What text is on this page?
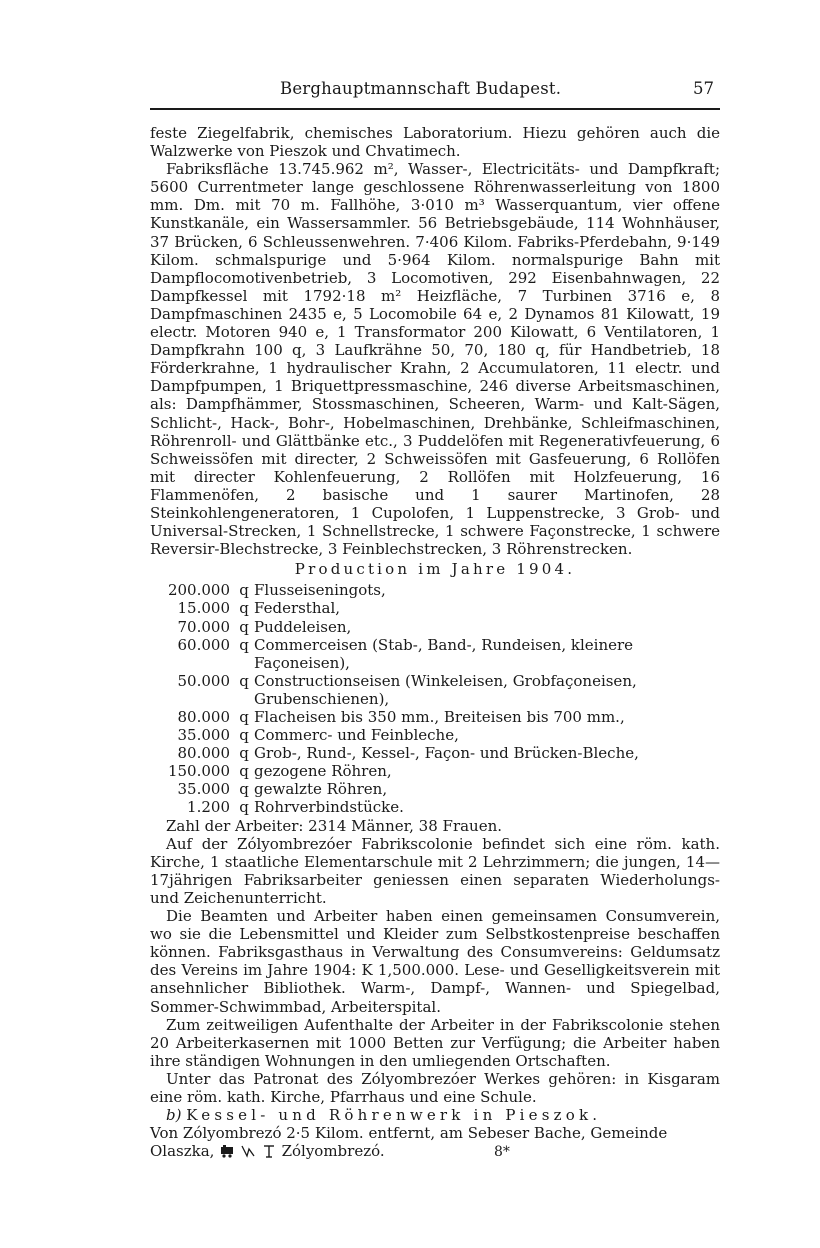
Berghauptmannschaft Budapest.	57

feste Ziegelfabrik, chemisches Laboratorium. Hiezu gehören auch die Walzwerke von Pieszok und Chvatimech.

Fabriksfläche 13.745.962 m², Wasser-, Electricitäts- und Dampfkraft; 5600 Currentmeter lange geschlossene Röhrenwasserleitung von 1800 mm. Dm. mit 70 m. Fallhöhe, 3·010 m³ Wasserquantum, vier offene Kunstkanäle, ein Wassersammler. 56 Betriebsgebäude, 114 Wohnhäuser, 37 Brücken, 6 Schleussenwehren. 7·406 Kilom. Fabriks-Pferdebahn, 9·149 Kilom. schmalspurige und 5·964 Kilom. normalspurige Bahn mit Dampflocomotivenbetrieb, 3 Locomotiven, 292 Eisenbahnwagen, 22 Dampfkessel mit 1792·18 m² Heizfläche, 7 Turbinen 3716 e, 8 Dampfmaschinen 2435 e, 5 Locomobile 64 e, 2 Dynamos 81 Kilowatt, 19 electr. Motoren 940 e, 1 Transformator 200 Kilowatt, 6 Ventilatoren, 1 Dampfkrahn 100 q, 3 Laufkrähne 50, 70, 180 q, für Handbetrieb, 18 Förderkrahne, 1 hydraulischer Krahn, 2 Accumulatoren, 11 electr. und Dampfpumpen, 1 Briquettpressmaschine, 246 diverse Arbeitsmaschinen, als: Dampfhämmer, Stossmaschinen, Scheeren, Warm- und Kalt-Sägen, Schlicht-, Hack-, Bohr-, Hobelmaschinen, Drehbänke, Schleifmaschinen, Röhrenroll- und Glättbänke etc., 3 Puddelöfen mit Regenerativfeuerung, 6 Schweissöfen mit directer, 2 Schweissöfen mit Gasfeuerung, 6 Rollöfen mit directer Kohlenfeuerung, 2 Rollöfen mit Holzfeuerung, 16 Flammenöfen, 2 basische und 1 saurer Martinofen, 28 Steinkohlengeneratoren, 1 Cupolofen, 1 Luppenstrecke, 3 Grob- und Universal-Strecken, 1 Schnellstrecke, 1 schwere Façonstrecke, 1 schwere Reversir-Blechstrecke, 3 Feinblechstrecken, 3 Röhrenstrecken.

Production im Jahre 1904.
200.000 q Flusseiseningots,
15.000 q Federsthal,
70.000 q Puddeleisen,
60.000 q Commerceisen (Stab-, Band-, Rundeisen, kleinere Façoneisen),
50.000 q Constructionseisen (Winkeleisen, Grobfaçoneisen, Grubenschienen),
80.000 q Flacheisen bis 350 mm., Breiteisen bis 700 mm.,
35.000 q Commerc- und Feinbleche,
80.000 q Grob-, Rund-, Kessel-, Façon- und Brücken-Bleche,
150.000 q gezogene Röhren,
35.000 q gewalzte Röhren,
1.200 q Rohrverbindstücke.

Zahl der Arbeiter: 2314 Männer, 38 Frauen.

Auf der Zólyombrezóer Fabrikscolonie befindet sich eine röm. kath. Kirche, 1 staatliche Elementarschule mit 2 Lehrzimmern; die jungen, 14—17jährigen Fabriksarbeiter geniessen einen separaten Wiederholungs- und Zeichenunterricht.

Die Beamten und Arbeiter haben einen gemeinsamen Consumverein, wo sie die Lebensmittel und Kleider zum Selbstkostenpreise beschaffen können. Fabriksgasthaus in Verwaltung des Consumvereins: Geldumsatz des Vereins im Jahre 1904: K 1,500.000. Lese- und Geselligkeitsverein mit ansehnlicher Bibliothek. Warm-, Dampf-, Wannen- und Spiegelbad, Sommer-Schwimmbad, Arbeiterspital.

Zum zeitweiligen Aufenthalte der Arbeiter in der Fabrikscolonie stehen 20 Arbeiterkasernen mit 1000 Betten zur Verfügung; die Arbeiter haben ihre ständigen Wohnungen in den umliegenden Ortschaften.

Unter das Patronat des Zólyombrezóer Werkes gehören: in Kisgaram eine röm. kath. Kirche, Pfarrhaus und eine Schule.

b) Kessel- und Röhrenwerk in Pieszok.

Von Zólyombrezó 2·5 Kilom. entfernt, am Sebeser Bache, Gemeinde Olaszka,	Zólyombrezó.	8*
